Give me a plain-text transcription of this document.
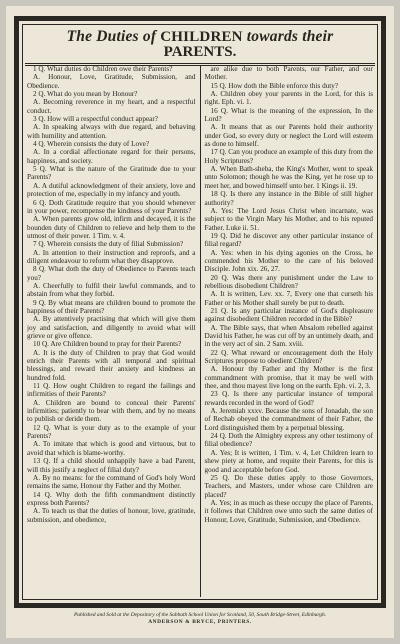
The Duties of CHILDREN towards their
PARENTS.

1 Q. What duties do Children owe their Parents?

A. Honour, Love, Gratitude, Submission, and Obedience.

2 Q. What do you mean by Honour?

A. Becoming reverence in my heart, and a respectful conduct.

3 Q. How will a respectful conduct appear?

A. In speaking always with due regard, and behaving with humility and attention.

4 Q. Wherein consists the duty of Love?

A. In a cordial affectionate regard for their persons, happiness, and society.

5 Q. What is the nature of the Gratitude due to your Parents?

A. A dutiful acknowledgment of their anxiety, love and protection of me, especially in my infancy and youth.

6 Q. Doth Gratitude require that you should whenever in your power, recompense the kindness of your Parents?

A. When parents grow old, infirm and decayed, it is the bounden duty of Children to relieve and help them to the utmost of their power. 1 Tim. v. 4.

7 Q. Wherein consists the duty of filial Submission?

A. In attention to their instruction and reproofs, and a diligent endeavour to reform what they disapprove.

8 Q. What doth the duty of Obedience to Parents teach you?

A. Cheerfully to fulfil their lawful commands, and to abstain from what they forbid.

9 Q. By what means are children bound to promote the happiness of their Parents?

A. By attentively practising that which will give them joy and satisfaction, and diligently to avoid what will grieve or give offence.

10 Q. Are Children bound to pray for their Parents?

A. It is the duty of Children to pray that God would enrich their Parents with all temporal and spiritual blessings, and reward their anxiety and kindness an hundred fold.

11 Q. How ought Children to regard the failings and infirmities of their Parents?

A. Children are bound to conceal their Parents' infirmities; patiently to bear with them, and by no means to publish or deride them.

12 Q. What is your duty as to the example of your Parents?

A. To imitate that which is good and virtuous, but to avoid that which is blame-worthy.

13 Q. If a child should unhappily have a bad Parent, will this justify a neglect of filial duty?

A. By no means: for the command of God's holy Word remains the same, Honour thy Father and thy Mother.

14 Q. Why doth the fifth commandment distinctly express both Parents?

A. To teach us that the duties of honour, love, gratitude, submission, and obedience,

are alike due to both Parents, our Father, and our Mother.

15 Q. How doth the Bible enforce this duty?

A. Children obey your parents in the Lord, for this is right. Eph. vi. 1.

16 Q. What is the meaning of the expression, In the Lord?

A. It means that as our Parents hold their authority under God, so every duty or neglect the Lord will esteem as done to himself.

17 Q. Can you produce an example of this duty from the Holy Scriptures?

A. When Bath-sheba, the King's Mother, went to speak unto Solomon; though he was the King, yet he rose up to meet her, and bowed himself unto her. 1 Kings ii. 19.

18 Q. Is there any instance in the Bible of still higher authority?

A. Yes: The Lord Jesus Christ when incarnate, was subject to the Virgin Mary his Mother, and to his reputed Father. Luke ii. 51.

19 Q. Did he discover any other particular instance of filial regard?

A. Yes: when in his dying agonies on the Cross, he commended his Mother to the care of his beloved Disciple. John xix. 26, 27.

20 Q. Was there any punishment under the Law to rebellious disobedient Children?

A. It is written, Lev. xx. 7, Every one that curseth his Father or his Mother shall surely be put to death.

21 Q. Is any particular instance of God's displeasure against disobedient Children recorded in the Bible?

A. The Bible says, that when Absalom rebelled against David his Father, he was cut off by an untimely death, and in the very act of sin. 2 Sam. xviii.

22 Q. What reward or encouragement doth the Holy Scriptures propose to obedient Children?

A. Honour thy Father and thy Mother is the first commandment with promise, that it may be well with thee, and thou mayest live long on the earth. Eph. vi. 2, 3.

23 Q. Is there any particular instance of temporal rewards recorded in the word of God?

A. Jeremiah xxxv. Because the sons of Jonadab, the son of Rechab obeyed the commandment of their Father, the Lord distinguished them by a perpetual blessing.

24 Q. Doth the Almighty express any other testimony of filial obedience?

A. Yes; It is written, 1 Tim. v. 4, Let Children learn to shew piety at home, and requite their Parents, for this is good and acceptable before God.

25 Q. Do these duties apply to those Governors, Teachers, and Masters, under whose care Children are placed?

A. Yes; in as much as these occupy the place of Parents, it follows that Children owe unto such the same duties of Honour, Love, Gratitude, Submission, and Obedience.

Published and Sold at the Depository of the Sabbath School Union for Scotland, 50, South Bridge-Street, Edinburgh.
ANDERSON & BRYCE, PRINTERS.
